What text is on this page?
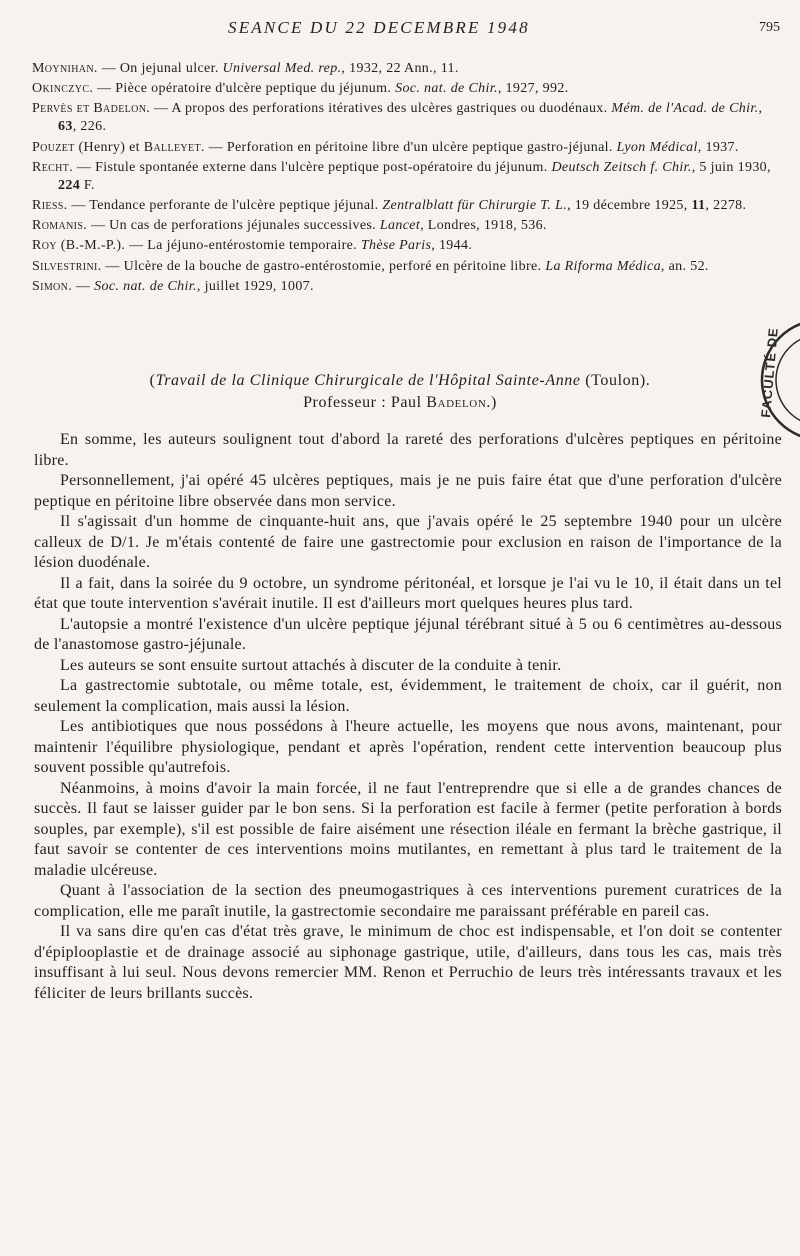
SEANCE DU 22 DECEMBRE 1948	795

Moynihan. — On jejunal ulcer. Universal Med. rep., 1932, 22 Ann., 11.

Okinczyc. — Pièce opératoire d'ulcère peptique du jéjunum. Soc. nat. de Chir., 1927, 992.

Pervès et Badelon. — A propos des perforations itératives des ulcères gastriques ou duodénaux. Mém. de l'Acad. de Chir., 63, 226.

Pouzet (Henry) et Balleyet. — Perforation en péritoine libre d'un ulcère peptique gastro-jéjunal. Lyon Médical, 1937.

Recht. — Fistule spontanée externe dans l'ulcère peptique post-opératoire du jéjunum. Deutsch Zeitsch f. Chir., 5 juin 1930, 224 F.

Riess. — Tendance perforante de l'ulcère peptique jéjunal. Zentralblatt für Chirurgie T. L., 19 décembre 1925, 11, 2278.

Romanis. — Un cas de perforations jéjunales successives. Lancet, Londres, 1918, 536.

Roy (B.-M.-P.). — La jéjuno-entérostomie temporaire. Thèse Paris, 1944.

Silvestrini. — Ulcère de la bouche de gastro-entérostomie, perforé en péritoine libre. La Riforma Médica, an. 52.

Simon. — Soc. nat. de Chir., juillet 1929, 1007.

(Travail de la Clinique Chirurgicale de l'Hôpital Sainte-Anne (Toulon).

Professeur : Paul Badelon.)

En somme, les auteurs soulignent tout d'abord la rareté des perforations d'ulcères peptiques en péritoine libre.

Personnellement, j'ai opéré 45 ulcères peptiques, mais je ne puis faire état que d'une perforation d'ulcère peptique en péritoine libre observée dans mon service.

Il s'agissait d'un homme de cinquante-huit ans, que j'avais opéré le 25 septembre 1940 pour un ulcère calleux de D/1. Je m'étais contenté de faire une gastrectomie pour exclusion en raison de l'importance de la lésion duodénale.

Il a fait, dans la soirée du 9 octobre, un syndrome péritonéal, et lorsque je l'ai vu le 10, il était dans un tel état que toute intervention s'avérait inutile. Il est d'ailleurs mort quelques heures plus tard.

L'autopsie a montré l'existence d'un ulcère peptique jéjunal térébrant situé à 5 ou 6 centimètres au-dessous de l'anastomose gastro-jéjunale.

Les auteurs se sont ensuite surtout attachés à discuter de la conduite à tenir.

La gastrectomie subtotale, ou même totale, est, évidemment, le traitement de choix, car il guérit, non seulement la complication, mais aussi la lésion.

Les antibiotiques que nous possédons à l'heure actuelle, les moyens que nous avons, maintenant, pour maintenir l'équilibre physiologique, pendant et après l'opération, rendent cette intervention beaucoup plus souvent possible qu'autrefois.

Néanmoins, à moins d'avoir la main forcée, il ne faut l'entreprendre que si elle a de grandes chances de succès. Il faut se laisser guider par le bon sens. Si la perforation est facile à fermer (petite perforation à bords souples, par exemple), s'il est possible de faire aisément une résection iléale en fermant la brèche gastrique, il faut savoir se contenter de ces interventions moins mutilantes, en remettant à plus tard le traitement de la maladie ulcéreuse.

Quant à l'association de la section des pneumogastriques à ces interventions purement curatrices de la complication, elle me paraît inutile, la gastrectomie secondaire me paraissant préférable en pareil cas.

Il va sans dire qu'en cas d'état très grave, le minimum de choc est indispensable, et l'on doit se contenter d'épiplooplastie et de drainage associé au siphonage gastrique, utile, d'ailleurs, dans tous les cas, mais très insuffisant à lui seul. Nous devons remercier MM. Renon et Perruchio de leurs très intéressants travaux et les féliciter de leurs brillants succès.

FACULTÉ DE
